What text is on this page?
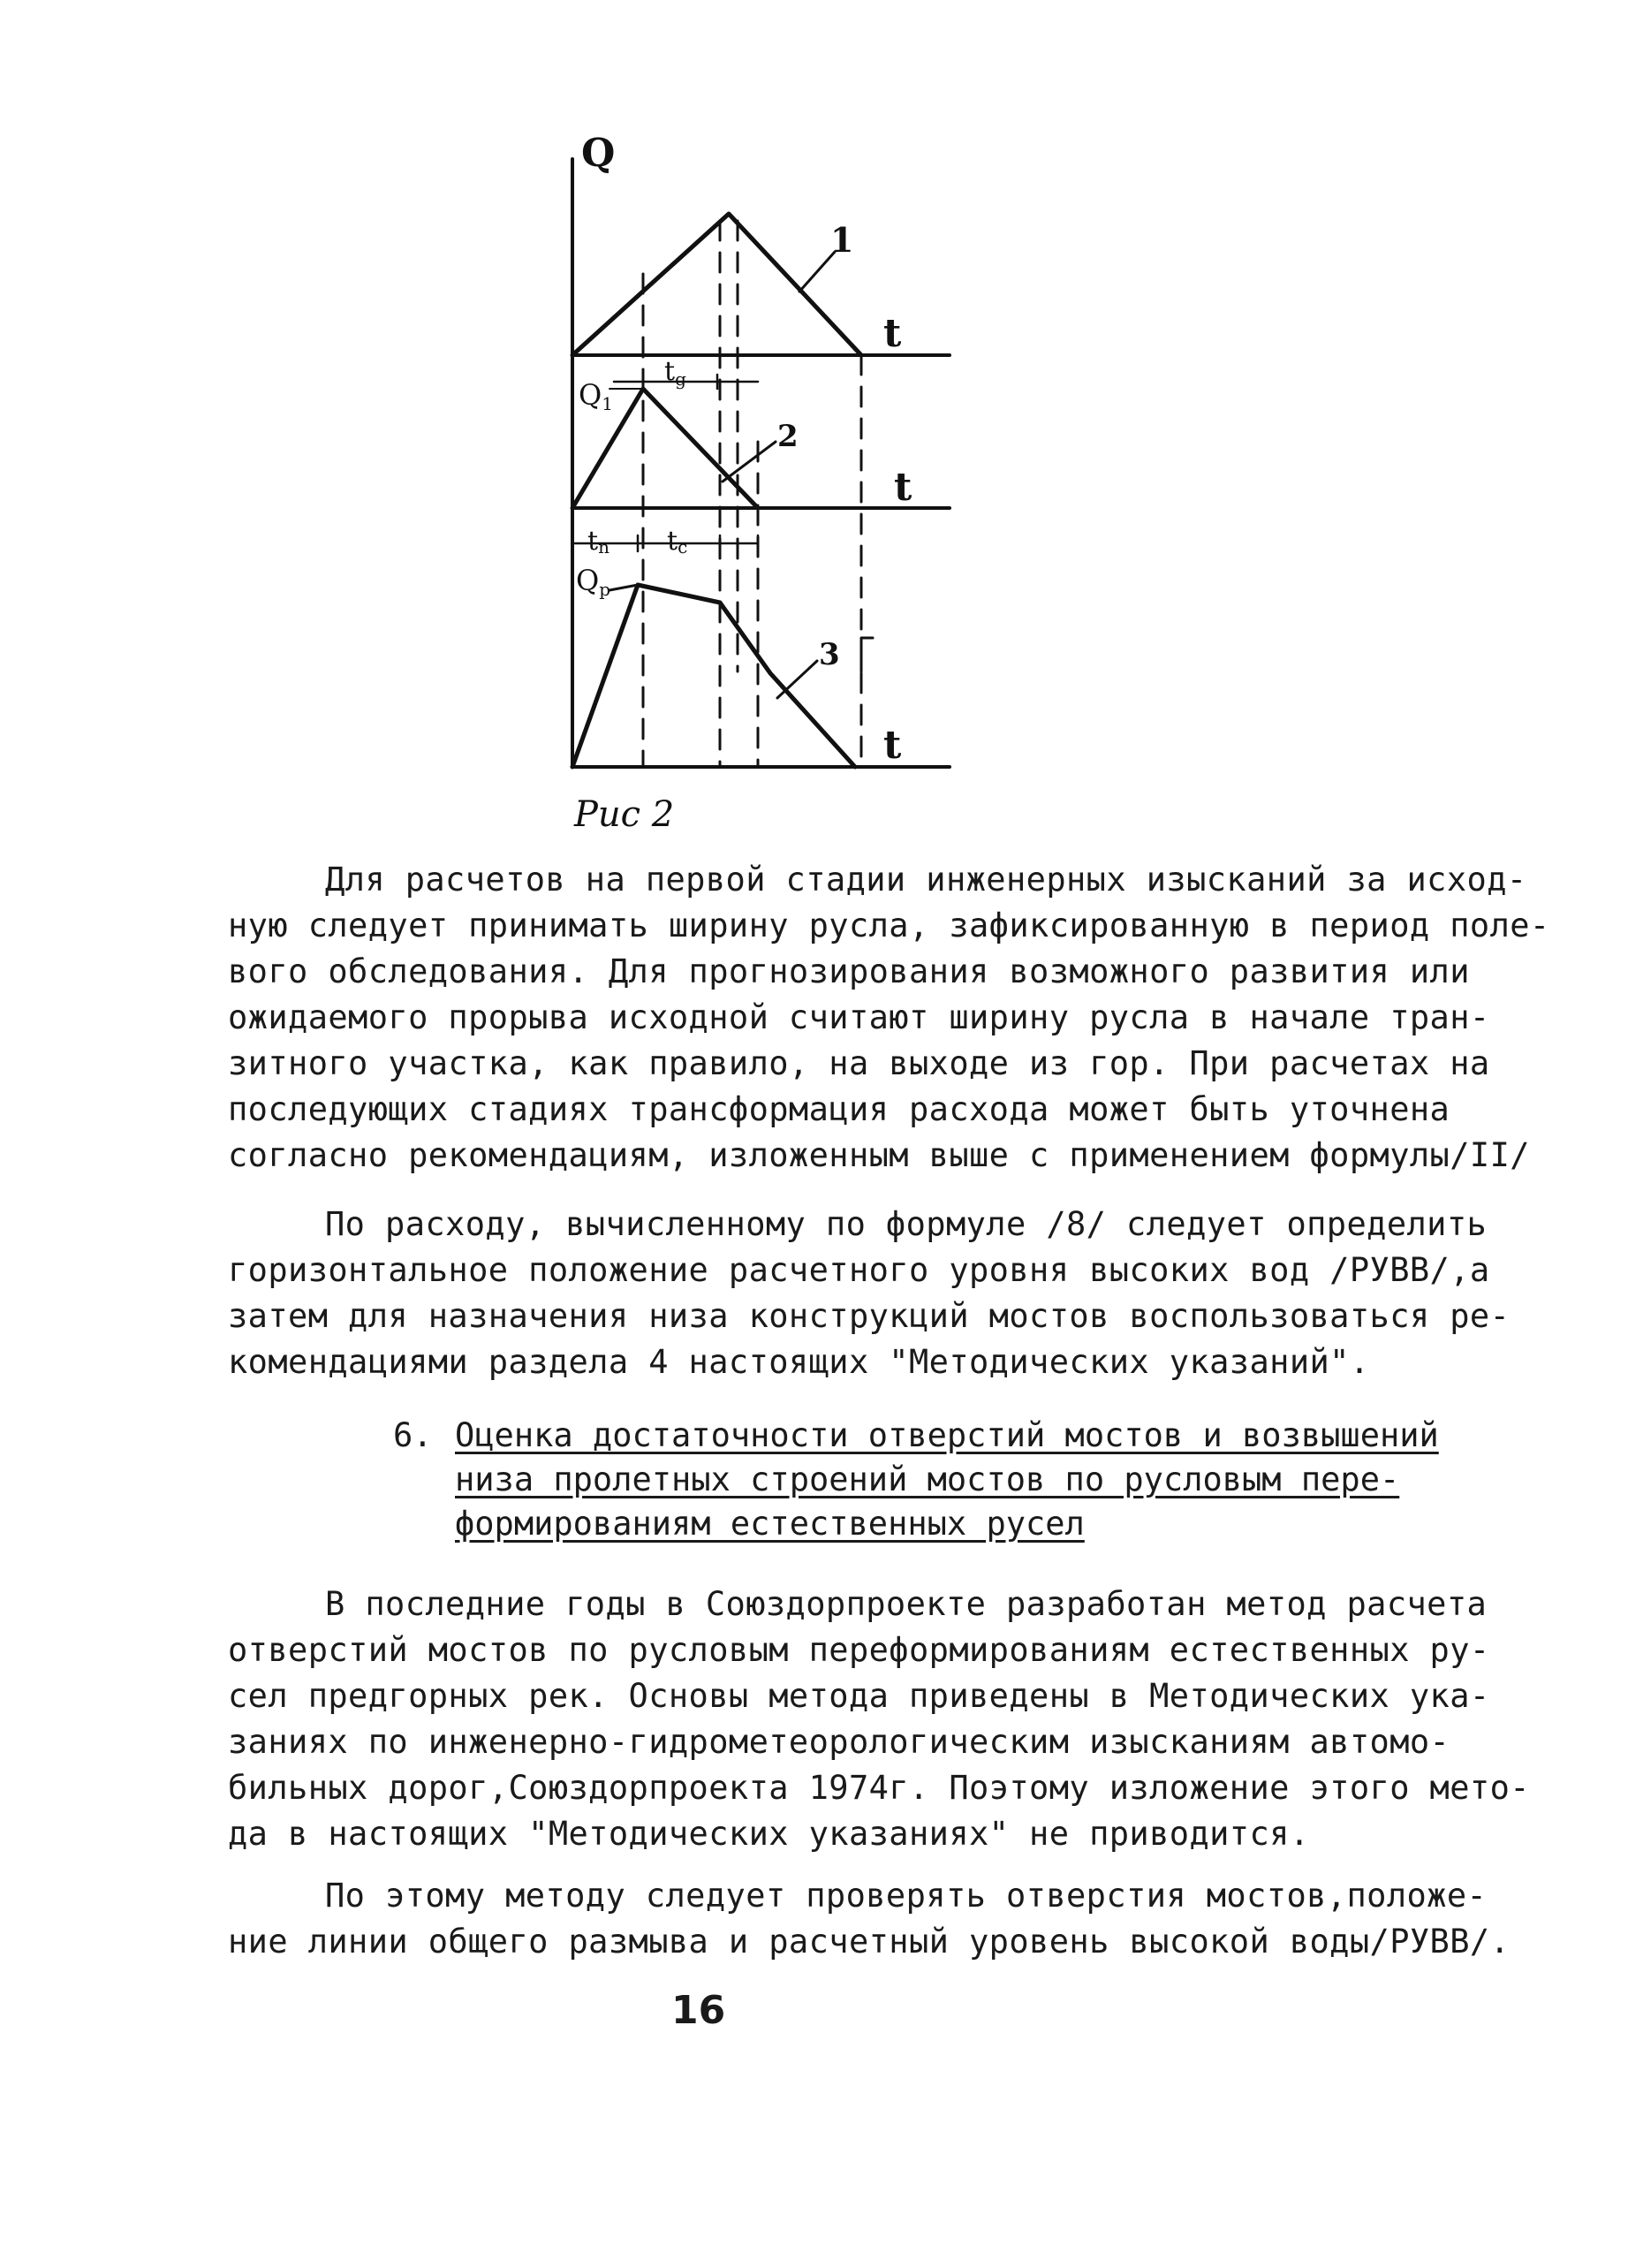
Q
t
t
t
1
2
3
Q1
$t_g$
tn tc
Qp
Рис 2
Для расчетов на первой стадии инженерных изысканий за исход-
ную следует принимать ширину русла, зафиксированную в период поле-
вого обследования. Для прогнозирования возможного развития или
ожидаемого прорыва исходной считают ширину русла в начале тран-
зитного участка, как правило, на выходе из гор. При расчетах на
последующих стадиях трансформация расхода может быть уточнена
согласно рекомендациям, изложенным выше с применением формулы/II/
По расходу, вычисленному по формуле /8/ следует определить
горизонтальное положение расчетного уровня высоких вод /РУВВ/,а
затем для назначения низа конструкций мостов воспользоваться ре-
комендациями раздела 4 настоящих "Методических указаний".
6. Оценка достаточности отверстий мостов и возвышений
низа пролетных строений мостов по русловым пере-
формированиям естественных русел
В последние годы в Союздорпроекте разработан метод расчета
отверстий мостов по русловым переформированиям естественных ру-
сел предгорных рек. Основы метода приведены в Методических ука-
заниях по инженерно-гидрометеорологическим изысканиям автомо-
бильных дорог,Союздорпроекта 1974г. Поэтому изложение этого мето-
да в настоящих "Методических указаниях" не приводится.
По этому методу следует проверять отверстия мостов,положе-
ние линии общего размыва и расчетный уровень высокой воды/РУВВ/.
16
